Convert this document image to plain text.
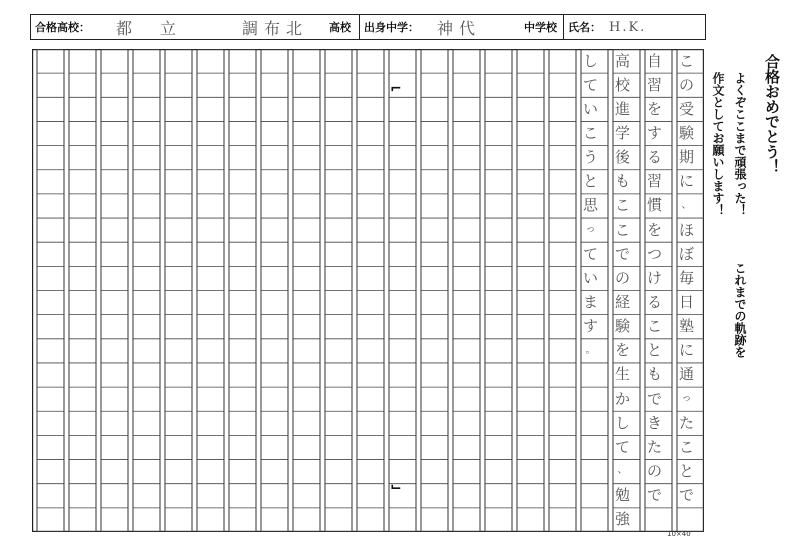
合格高校： 都　立	調布北 高校 出身中学： 神代	中学校 氏名： H.K.
こ
の
受
験
期
に
、
ほ
ぼ
毎
日
塾
に
通
っ
た
こ
と
で
自
習
を
す
る
習
慣
を
つ
け
る
こ
と
も
で
き
た
の
で
高
校
進
学
後
も
こ
こ
で
の
経
験
を
生
か
し
て
、
勉
強
し
て
い
こ
う
と
思
っ
て
い
ま
す
。
⌐
⌙
合格おめでとう！
よくぞここまで頑張った！
これまでの軌跡を
作文としてお願いします！
10×40
